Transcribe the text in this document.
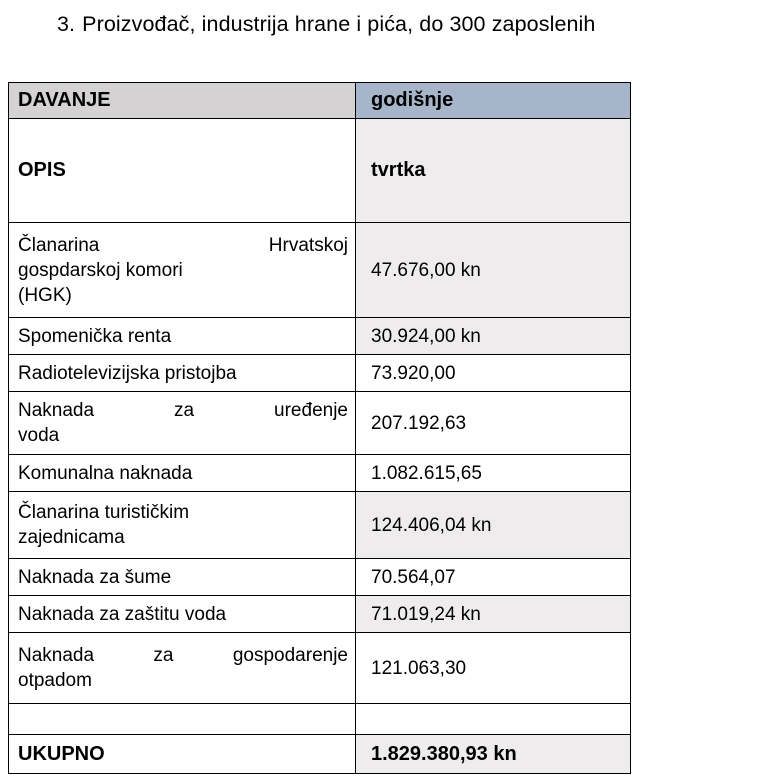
3. Proizvođač, industrija hrane i pića, do 300 zaposlenih
DAVANJE	godišnje

OPIS	tvrtka

Članarina Hrvatskoj
gospdarskoj komori
(HGK)	47.676,00 kn

Spomenička renta	30.924,00 kn

Radiotelevizijska pristojba	73.920,00

Naknada za uređenje
voda	207.192,63

Komunalna naknada	1.082.615,65

Članarina turističkim
zajednicama	124.406,04 kn

Naknada za šume	70.564,07

Naknada za zaštitu voda	71.019,24 kn

Naknada za gospodarenje
otpadom	121.063,30

UKUPNO	1.829.380,93 kn
